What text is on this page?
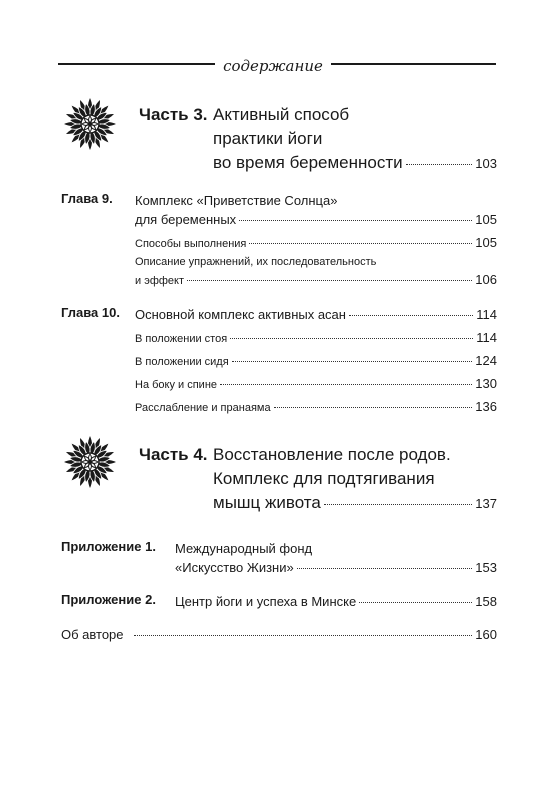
содержание
Часть 3. Активный способ
практики йоги
во время беременности	103
Глава 9. Комплекс «Приветствие Солнца»
для беременных	105
Способы выполнения	105
Описание упражнений, их последовательность
и эффект	106
Глава 10. Основной комплекс активных асан	114
В положении стоя	114
В положении сидя	124
На боку и спине	130
Расслабление и пранаяма	136
Часть 4. Восстановление после родов.
Комплекс для подтягивания
мышц живота	137
Приложение 1. Международный фонд
«Искусство Жизни»	153
Приложение 2. Центр йоги и успеха в Минске	158
Об авторе	160
